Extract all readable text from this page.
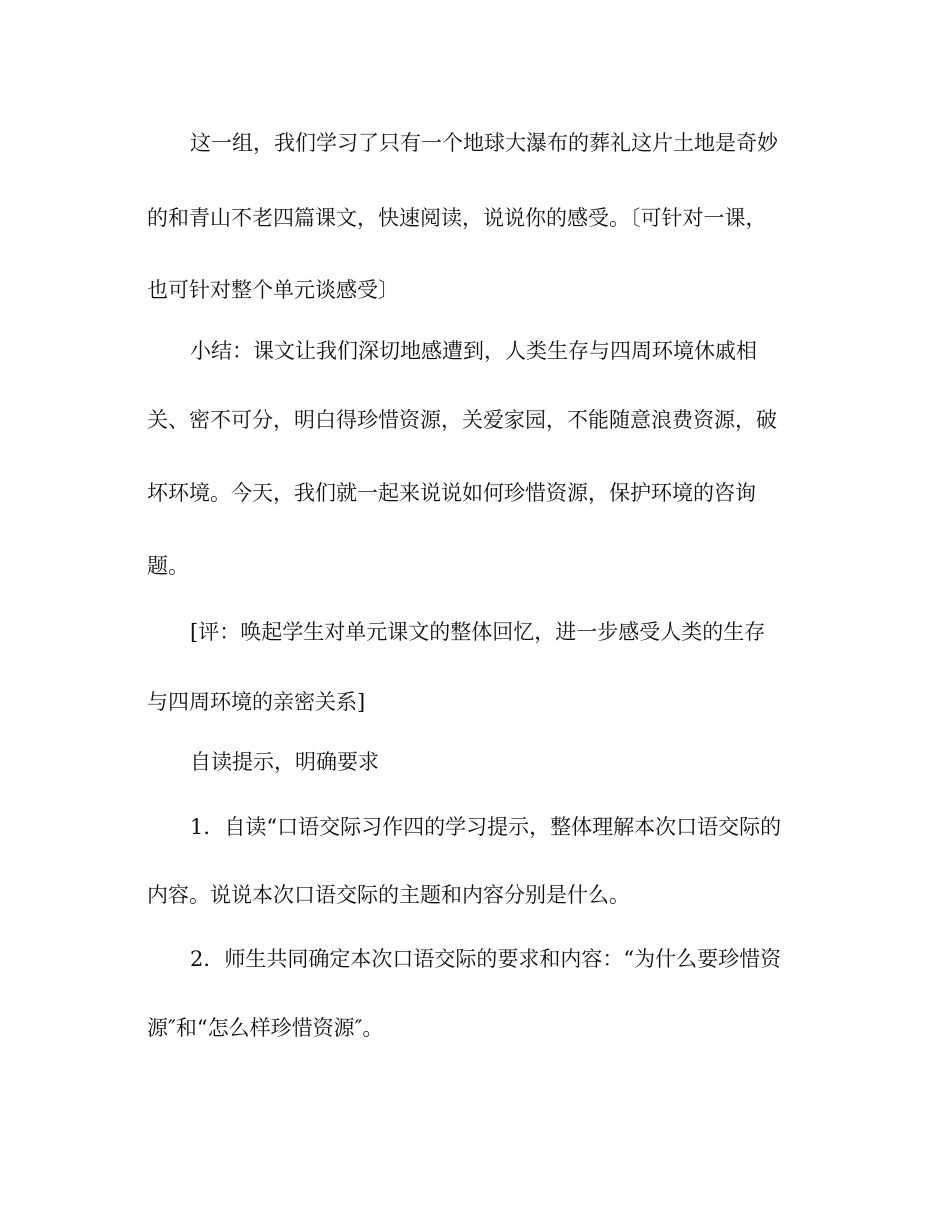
这一组，我们学习了只有一个地球大瀑布的葬礼这片土地是奇妙

的和青山不老四篇课文，快速阅读，说说你的感受。〔可针对一课，

也可针对整个单元谈感受〕

小结：课文让我们深切地感遭到，人类生存与四周环境休戚相

关、密不可分，明白得珍惜资源，关爱家园，不能随意浪费资源，破

坏环境。今天，我们就一起来说说如何珍惜资源，保护环境的咨询

题。

[评：唤起学生对单元课文的整体回忆，进一步感受人类的生存

与四周环境的亲密关系]

自读提示，明确要求

1．自读“口语交际习作四的学习提示，整体理解本次口语交际的

内容。说说本次口语交际的主题和内容分别是什么。

2．师生共同确定本次口语交际的要求和内容：“为什么要珍惜资

源″和“怎么样珍惜资源″。
